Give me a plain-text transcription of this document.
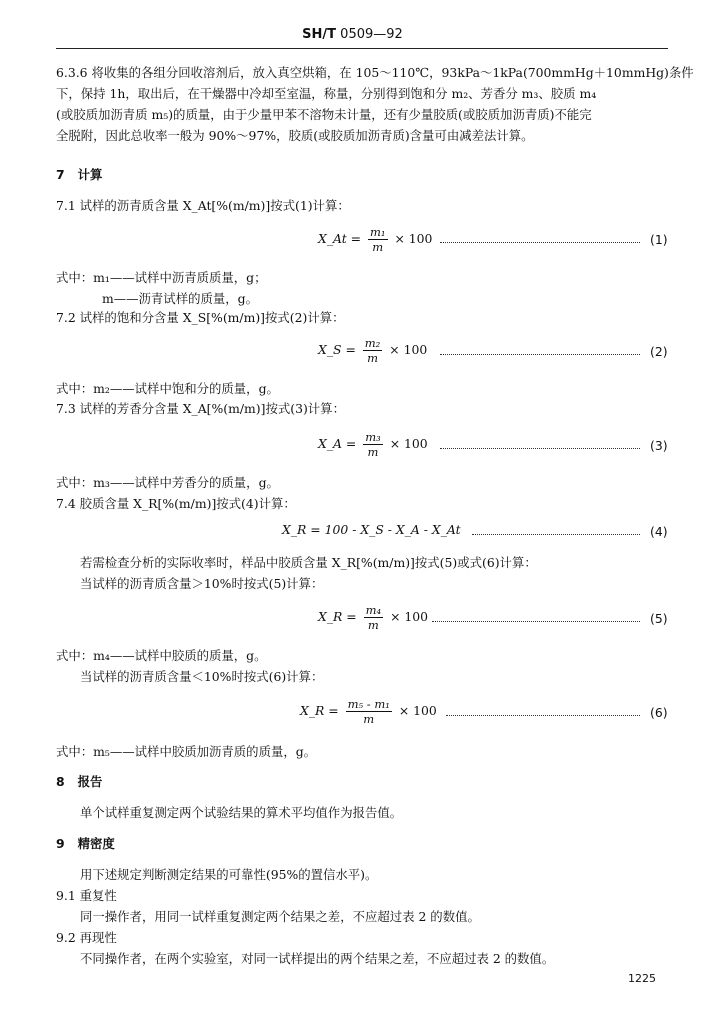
SH/T 0509—92
6.3.6 将收集的各组分回收溶剂后，放入真空烘箱，在 105～110℃，93kPa～1kPa(700mmHg＋10mmHg)条件
下，保持 1h，取出后，在干燥器中冷却至室温，称量，分别得到饱和分 m₂、芳香分 m₃、胶质 m₄
(或胶质加沥青质 m₅)的质量，由于少量甲苯不溶物未计量，还有少量胶质(或胶质加沥青质)不能完
全脱附，因此总收率一般为 90%～97%，胶质(或胶质加沥青质)含量可由减差法计算。
7 计算
7.1 试样的沥青质含量 X_At[%(m/m)]按式(1)计算：
X_At = $\frac{\text{m₁}}{m} \times 100$	(1)
式中：m₁——试样中沥青质质量，g；
m——沥青试样的质量，g。
7.2 试样的饱和分含量 X_S[%(m/m)]按式(2)计算：
X_S = $\frac{\text{m₂}}{m} \times 100$	(2)
式中：m₂——试样中饱和分的质量，g。
7.3 试样的芳香分含量 X_A[%(m/m)]按式(3)计算：
X_A = $\frac{\text{m₃}}{m} \times 100$	(3)
式中：m₃——试样中芳香分的质量，g。
7.4 胶质含量 X_R[%(m/m)]按式(4)计算：
X_R = 100 - X_S - X_A - X_At	(4)
若需检查分析的实际收率时，样品中胶质含量 X_R[%(m/m)]按式(5)或式(6)计算：
当试样的沥青质含量＞10%时按式(5)计算：
X_R = $\frac{\text{m₄}}{m} \times 100$	(5)
式中：m₄——试样中胶质的质量，g。
当试样的沥青质含量＜10%时按式(6)计算：
X_R = $\frac{\text{m₅ - m₁}}{m} \times 100$	(6)
式中：m₅——试样中胶质加沥青质的质量，g。
8 报告
单个试样重复测定两个试验结果的算术平均值作为报告值。
9 精密度
用下述规定判断测定结果的可靠性(95%的置信水平)。
9.1 重复性
同一操作者，用同一试样重复测定两个结果之差，不应超过表 2 的数值。
9.2 再现性
不同操作者，在两个实验室，对同一试样提出的两个结果之差，不应超过表 2 的数值。
1225
